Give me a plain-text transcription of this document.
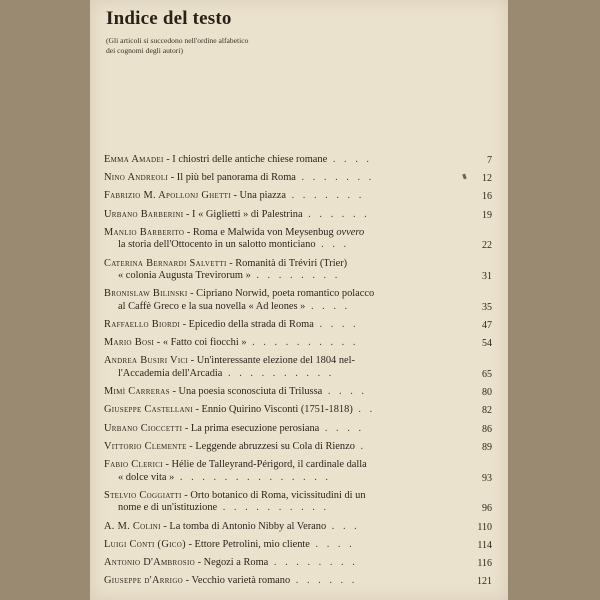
Indice del testo
(Gli articoli si succedono nell'ordine alfabetico
dei cognomi degli autori)
Emma Amadei - I chiostri delle antiche chiese romane . . . .	7
Nino Andreoli - Il più bel panorama di Roma . . . . . . .	12
Fabrizio M. Apollonj Ghetti - Una piazza . . . . . . .	16
Urbano Barberini - I « Giglietti » di Palestrina . . . . . .	19
Manlio Barberito - Roma e Malwida von Meysenbug ovvero
la storia dell'Ottocento in un salotto monticiano . . .	22
Caterina Bernardi Salvetti - Romanità di Tréviri (Trier)
« colonia Augusta Trevirorum » . . . . . . . .	31
Bronislaw Bilinski - Cipriano Norwid, poeta romantico polacco
al Caffè Greco e la sua novella « Ad leones » . . . .	35
Raffaello Biordi - Epicedio della strada di Roma . . . .	47
Mario Bosi - « Fatto coi fiocchi » . . . . . . . . . .	54
Andrea Busiri Vici - Un'interessante elezione del 1804 nel-
l'Accademia dell'Arcadia . . . . . . . . . .	65
Mimì Carreras - Una poesia sconosciuta di Trilussa . . . .	80
Giuseppe Castellani - Ennio Quirino Visconti (1751-1818) . .	82
Urbano Cioccetti - La prima esecuzione perosiana . . . .	86
Vittorio Clemente - Leggende abruzzesi su Cola di Rienzo .	89
Fabio Clerici - Hélie de Talleyrand-Périgord, il cardinale dalla
« dolce vita » . . . . . . . . . . . . . .	93
Stelvio Coggiatti - Orto botanico di Roma, vicissitudini di un
nome e di un'istituzione . . . . . . . . . .	96
A. M. Colini - La tomba di Antonio Nibby al Verano . . .	110
Luigi Conti (Gico) - Ettore Petrolini, mio cliente . . . .	114
Antonio D'Ambrosio - Negozi a Roma . . . . . . . .	116
Giuseppe d'Arrigo - Vecchio varietà romano . . . . . .	121
